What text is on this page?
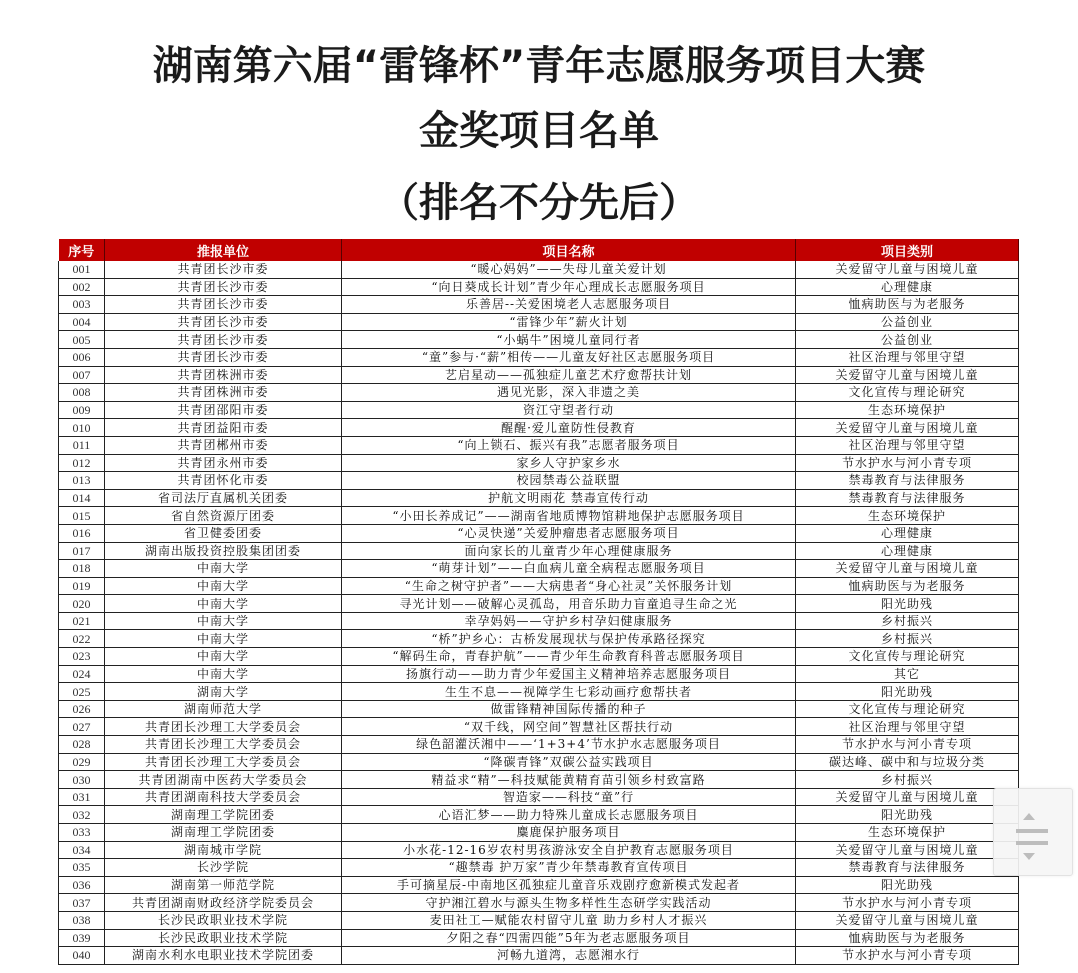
湖南第六届“雷锋杯”青年志愿服务项目大赛
金奖项目名单
（排名不分先后）
序号	推报单位	项目名称	项目类别
001	共青团长沙市委	“暖心妈妈”——失母儿童关爱计划	关爱留守儿童与困境儿童
002	共青团长沙市委	“向日葵成长计划”青少年心理成长志愿服务项目	心理健康
003	共青团长沙市委	乐善居--关爱困境老人志愿服务项目	恤病助医与为老服务
004	共青团长沙市委	“雷锋少年”薪火计划	公益创业
005	共青团长沙市委	“小蜗牛”困境儿童同行者	公益创业
006	共青团长沙市委	“童”参与·“薪”相传——儿童友好社区志愿服务项目	社区治理与邻里守望
007	共青团株洲市委	艺启星动——孤独症儿童艺术疗愈帮扶计划	关爱留守儿童与困境儿童
008	共青团株洲市委	遇见光影，深入非遗之美	文化宣传与理论研究
009	共青团邵阳市委	资江守望者行动	生态环境保护
010	共青团益阳市委	醒醒·爱儿童防性侵教育	关爱留守儿童与困境儿童
011	共青团郴州市委	“向上锁石、振兴有我”志愿者服务项目	社区治理与邻里守望
012	共青团永州市委	家乡人守护家乡水	节水护水与河小青专项
013	共青团怀化市委	校园禁毒公益联盟	禁毒教育与法律服务
014	省司法厅直属机关团委	护航文明雨花 禁毒宣传行动	禁毒教育与法律服务
015	省自然资源厅团委	“小田长养成记”——湖南省地质博物馆耕地保护志愿服务项目	生态环境保护
016	省卫健委团委	“心灵快递”关爱肿瘤患者志愿服务项目	心理健康
017	湖南出版投资控股集团团委	面向家长的儿童青少年心理健康服务	心理健康
018	中南大学	“萌芽计划”——白血病儿童全病程志愿服务项目	关爱留守儿童与困境儿童
019	中南大学	“生命之树守护者”——大病患者“身心社灵”关怀服务计划	恤病助医与为老服务
020	中南大学	寻光计划——破解心灵孤岛，用音乐助力盲童追寻生命之光	阳光助残
021	中南大学	幸孕妈妈——守护乡村孕妇健康服务	乡村振兴
022	中南大学	“桥”护乡心：古桥发展现状与保护传承路径探究	乡村振兴
023	中南大学	“解码生命，青春护航”——青少年生命教育科普志愿服务项目	文化宣传与理论研究
024	中南大学	扬旗行动——助力青少年爱国主义精神培养志愿服务项目	其它
025	湖南大学	生生不息——视障学生七彩动画疗愈帮扶者	阳光助残
026	湖南师范大学	做雷锋精神国际传播的种子	文化宣传与理论研究
027	共青团长沙理工大学委员会	“双千线，网空间”智慧社区帮扶行动	社区治理与邻里守望
028	共青团长沙理工大学委员会	绿色韶灌沃湘中——‘1+3+4’节水护水志愿服务项目	节水护水与河小青专项
029	共青团长沙理工大学委员会	“降碳青锋”双碳公益实践项目	碳达峰、碳中和与垃圾分类
030	共青团湖南中医药大学委员会	精益求“精”—科技赋能黄精育苗引领乡村致富路	乡村振兴
031	共青团湖南科技大学委员会	智造家——科技“童”行	关爱留守儿童与困境儿童
032	湖南理工学院团委	心语汇梦——助力特殊儿童成长志愿服务项目	阳光助残
033	湖南理工学院团委	麋鹿保护服务项目	生态环境保护
034	湖南城市学院	小水花-12-16岁农村男孩游泳安全自护教育志愿服务项目	关爱留守儿童与困境儿童
035	长沙学院	“趣禁毒 护万家”青少年禁毒教育宣传项目	禁毒教育与法律服务
036	湖南第一师范学院	手可摘星辰-中南地区孤独症儿童音乐戏剧疗愈新模式发起者	阳光助残
037	共青团湖南财政经济学院委员会	守护湘江碧水与源头生物多样性生态研学实践活动	节水护水与河小青专项
038	长沙民政职业技术学院	麦田社工—赋能农村留守儿童 助力乡村人才振兴	关爱留守儿童与困境儿童
039	长沙民政职业技术学院	夕阳之春“四需四能”5年为老志愿服务项目	恤病助医与为老服务
040	湖南水利水电职业技术学院团委	河畅九道湾，志愿湘水行	节水护水与河小青专项
